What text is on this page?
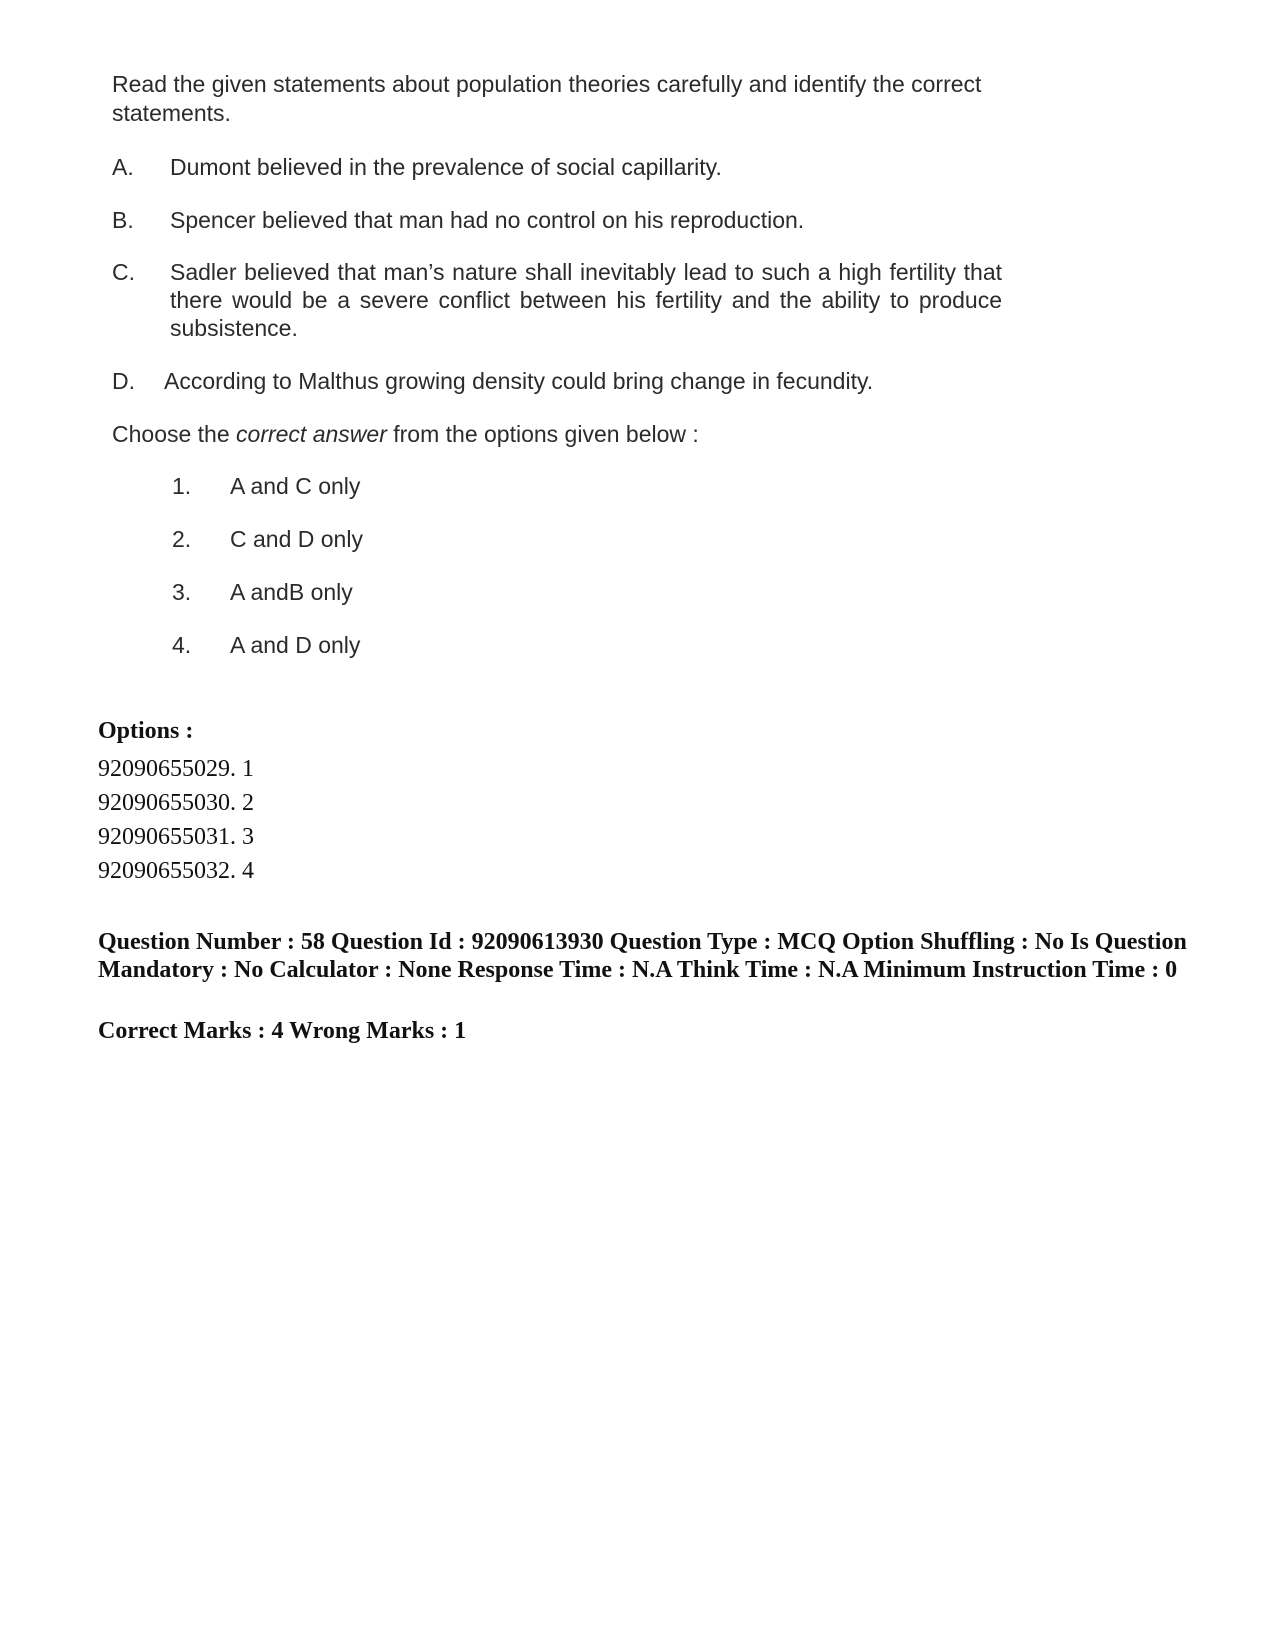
Read the given statements about population theories carefully and identify the correct statements.

A. Dumont believed in the prevalence of social capillarity.
B. Spencer believed that man had no control on his reproduction.
C. Sadler believed that man’s nature shall inevitably lead to such a high fertility that there would be a severe conflict between his fertility and the ability to produce subsistence.
D. According to Malthus growing density could bring change in fecundity.
Choose the correct answer from the options given below :
1. A and C only
2. C and D only
3. A andB only
4. A and D only
Options :
92090655029. 1
92090655030. 2
92090655031. 3
92090655032. 4
Question Number : 58 Question Id : 92090613930 Question Type : MCQ Option Shuffling : No Is Question Mandatory : No Calculator : None Response Time : N.A Think Time : N.A Minimum Instruction Time : 0
Correct Marks : 4 Wrong Marks : 1
